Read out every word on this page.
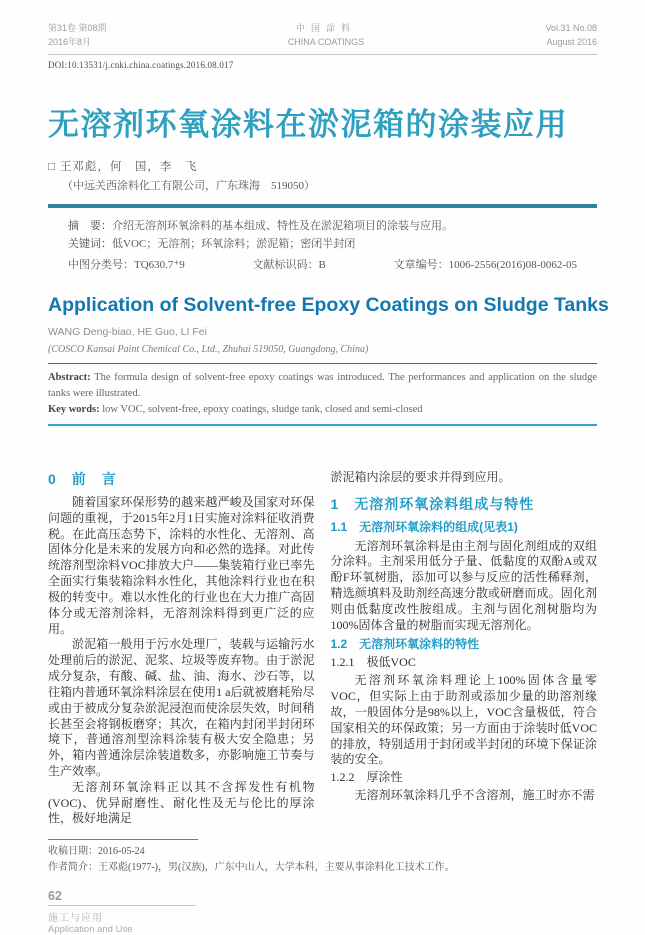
第31卷 第08期
2016年8月
中国涂料
CHINA COATINGS
Vol.31 No.08
August 2016
DOI:10.13531/j.cnki.china.coatings.2016.08.017
无溶剂环氧涂料在淤泥箱的涂装应用
□ 王邓彪，何　国，李　飞
（中远关西涂料化工有限公司，广东珠海　519050）
摘　要：介绍无溶剂环氧涂料的基本组成、特性及在淤泥箱项目的涂装与应用。
关键词：低VOC；无溶剂；环氧涂料；淤泥箱；密闭半封闭
中图分类号：TQ630.7⁺9	文献标识码：B	文章编号：1006-2556(2016)08-0062-05
Application of Solvent-free Epoxy Coatings on Sludge Tanks
WANG Deng-biao, HE Guo, LI Fei
(COSCO Kansai Paint Chemical Co., Ltd., Zhuhai 519050, Guangdong, China)
Abstract: The formula design of solvent-free epoxy coatings was introduced. The performances and application on the sludge tanks were illustrated.
Key words: low VOC, solvent-free, epoxy coatings, sludge tank, closed and semi-closed
0　前　言

随着国家环保形势的越来越严峻及国家对环保问题的重视，于2015年2月1日实施对涂料征收消费税。在此高压态势下，涂料的水性化、无溶剂、高固体分化是未来的发展方向和必然的选择。对此传统溶剂型涂料VOC排放大户——集装箱行业已率先全面实行集装箱涂料水性化，其他涂料行业也在积极的转变中。难以水性化的行业也在大力推广高固体分或无溶剂涂料，无溶剂涂料得到更广泛的应用。

淤泥箱一般用于污水处理厂，装载与运输污水处理前后的淤泥、泥浆、垃圾等废弃物。由于淤泥成分复杂，有酸、碱、盐、油、海水、沙石等，以往箱内普通环氧涂料涂层在使用1 a后就被磨耗殆尽或由于被成分复杂淤泥浸泡而使涂层失效，时间稍长甚至会将钢板磨穿；其次，在箱内封闭半封闭环境下，普通溶剂型涂料涂装有极大安全隐患；另外，箱内普通涂层涂装道数多，亦影响施工节奏与生产效率。

无溶剂环氧涂料正以其不含挥发性有机物(VOC)、优异耐磨性、耐化性及无与伦比的厚涂性，极好地满足

淤泥箱内涂层的要求并得到应用。

1　无溶剂环氧涂料组成与特性
1.1　无溶剂环氧涂料的组成(见表1)

无溶剂环氧涂料是由主剂与固化剂组成的双组分涂料。主剂采用低分子量、低黏度的双酚A或双酚F环氧树脂，添加可以参与反应的活性稀释剂，精选颜填料及助剂经高速分散或研磨而成。固化剂则由低黏度改性胺组成。主剂与固化剂树脂均为100%固体含量的树脂而实现无溶剂化。

1.2　无溶剂环氧涂料的特性
1.2.1　极低VOC

无溶剂环氧涂料理论上100%固体含量零VOC，但实际上由于助剂或添加少量的助溶剂缘故，一般固体分是98%以上，VOC含量极低，符合国家相关的环保政策；另一方面由于涂装时低VOC的排放，特别适用于封闭或半封闭的环境下保证涂装的安全。

1.2.2　厚涂性

无溶剂环氧涂料几乎不含溶剂，施工时亦不需

收稿日期：2016-05-24
作者简介：王邓彪(1977-)，男(汉族)，广东中山人，大学本科，主要从事涂料化工技术工作。
62
施工与应用
Application and Use
